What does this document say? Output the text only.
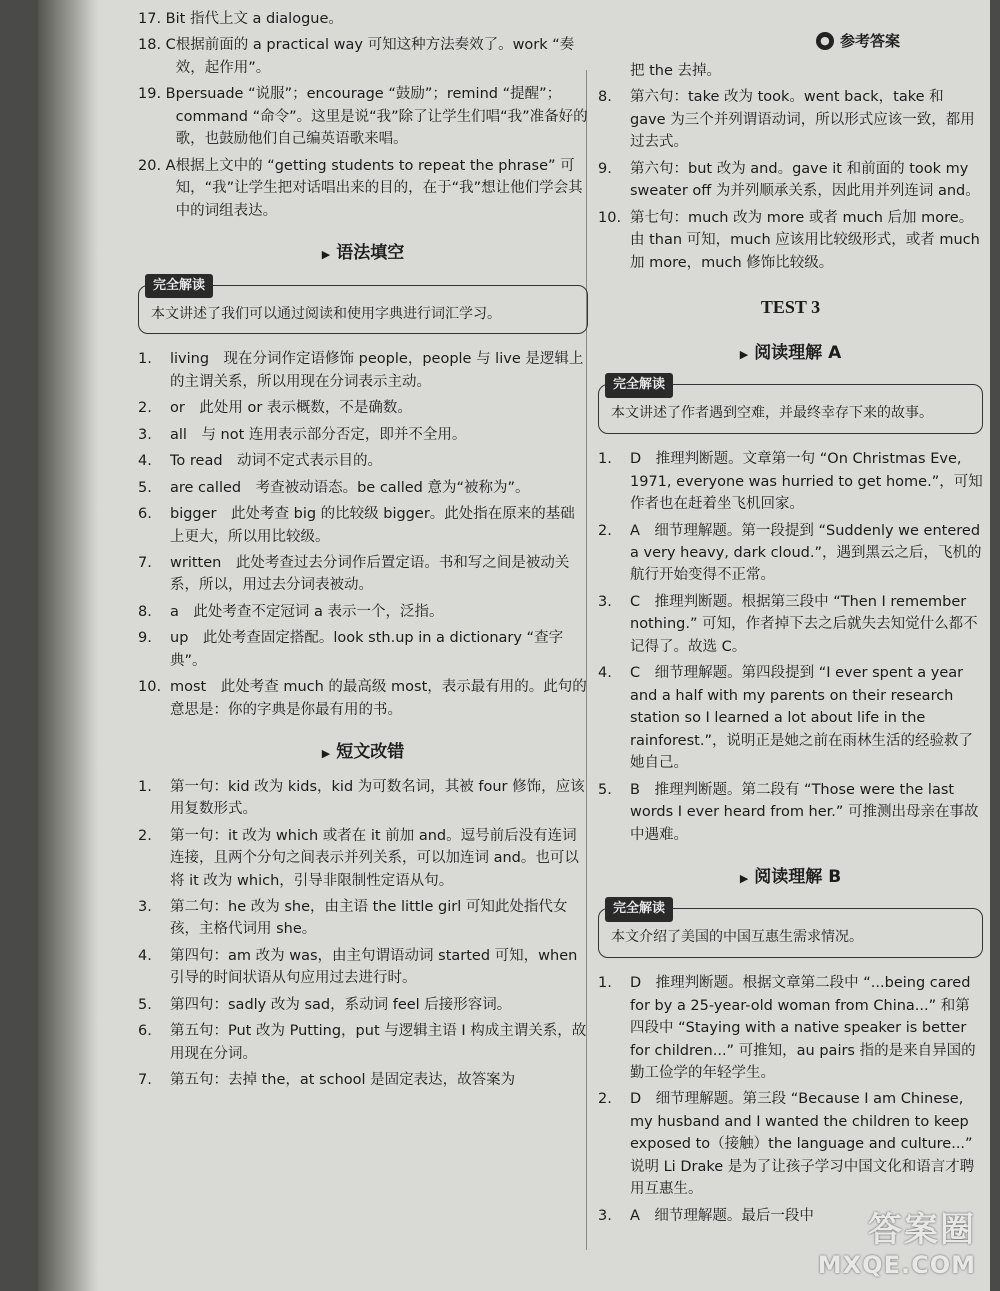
● 参考答案
17. B it 指代上文 a dialogue。
18. C 根据前面的 a practical way 可知这种方法奏效了。work “奏效，起作用”。
19. B persuade “说服”；encourage “鼓励”；remind “提醒”；command “命令”。这里是说“我”除了让学生们唱“我”准备好的歌，也鼓励他们自己编英语歌来唱。
20. A 根据上文中的 “getting students to repeat the phrase” 可知，“我”让学生把对话唱出来的目的，在于“我”想让他们学会其中的词组表达。
▶ 语法填空
完全解读
本文讲述了我们可以通过阅读和使用字典进行词汇学习。
1.	living　现在分词作定语修饰 people，people 与 live 是逻辑上的主谓关系，所以用现在分词表示主动。
2.	or　此处用 or 表示概数，不是确数。
3.	all　与 not 连用表示部分否定，即并不全用。
4.	To read　动词不定式表示目的。
5.	are called　考查被动语态。be called 意为“被称为”。
6.	bigger　此处考查 big 的比较级 bigger。此处指在原来的基础上更大，所以用比较级。
7.	written　此处考查过去分词作后置定语。书和写之间是被动关系，所以，用过去分词表被动。
8.	a　此处考查不定冠词 a 表示一个，泛指。
9.	up　此处考查固定搭配。look sth.up in a dictionary “查字典”。
10. most　此处考查 much 的最高级 most，表示最有用的。此句的意思是：你的字典是你最有用的书。
▶ 短文改错
1.	第一句：kid 改为 kids，kid 为可数名词，其被 four 修饰，应该用复数形式。
2.	第一句：it 改为 which 或者在 it 前加 and。逗号前后没有连词连接，且两个分句之间表示并列关系，可以加连词 and。也可以将 it 改为 which，引导非限制性定语从句。
3.	第二句：he 改为 she，由主语 the little girl 可知此处指代女孩，主格代词用 she。
4.	第四句：am 改为 was，由主句谓语动词 started 可知，when 引导的时间状语从句应用过去进行时。
5.	第四句：sadly 改为 sad，系动词 feel 后接形容词。
6.	第五句：Put 改为 Putting，put 与逻辑主语 I 构成主谓关系，故用现在分词。
7.	第五句：去掉 the，at school 是固定表达，故答案为
把 the 去掉。
8.	第六句：take 改为 took。went back，take 和 gave 为三个并列谓语动词，所以形式应该一致，都用过去式。
9.	第六句：but 改为 and。gave it 和前面的 took my sweater off 为并列顺承关系，因此用并列连词 and。
10. 第七句：much 改为 more 或者 much 后加 more。由 than 可知，much 应该用比较级形式，或者 much 加 more，much 修饰比较级。
TEST 3
▶ 阅读理解 A
完全解读
本文讲述了作者遇到空难，并最终幸存下来的故事。
1.	D　推理判断题。文章第一句 “On Christmas Eve, 1971, everyone was hurried to get home.”，可知作者也在赶着坐飞机回家。
2.	A　细节理解题。第一段提到 “Suddenly we entered a very heavy, dark cloud.”，遇到黑云之后，飞机的航行开始变得不正常。
3.	C　推理判断题。根据第三段中 “Then I remember nothing.” 可知，作者掉下去之后就失去知觉什么都不记得了。故选 C。
4.	C　细节理解题。第四段提到 “I ever spent a year and a half with my parents on their research station so I learned a lot about life in the rainforest.”，说明正是她之前在雨林生活的经验救了她自己。
5.	B　推理判断题。第二段有 “Those were the last words I ever heard from her.” 可推测出母亲在事故中遇难。
▶ 阅读理解 B
完全解读
本文介绍了美国的中国互惠生需求情况。
1.	D　推理判断题。根据文章第二段中 “...being cared for by a 25-year-old woman from China...” 和第四段中 “Staying with a native speaker is better for children...” 可推知，au pairs 指的是来自异国的勤工俭学的年轻学生。
2.	D　细节理解题。第三段 “Because I am Chinese, my husband and I wanted the children to keep exposed to（接触）the language and culture...” 说明 Li Drake 是为了让孩子学习中国文化和语言才聘用互惠生。
3.	A　细节理解题。最后一段中	答案圈
MXQE.COM
